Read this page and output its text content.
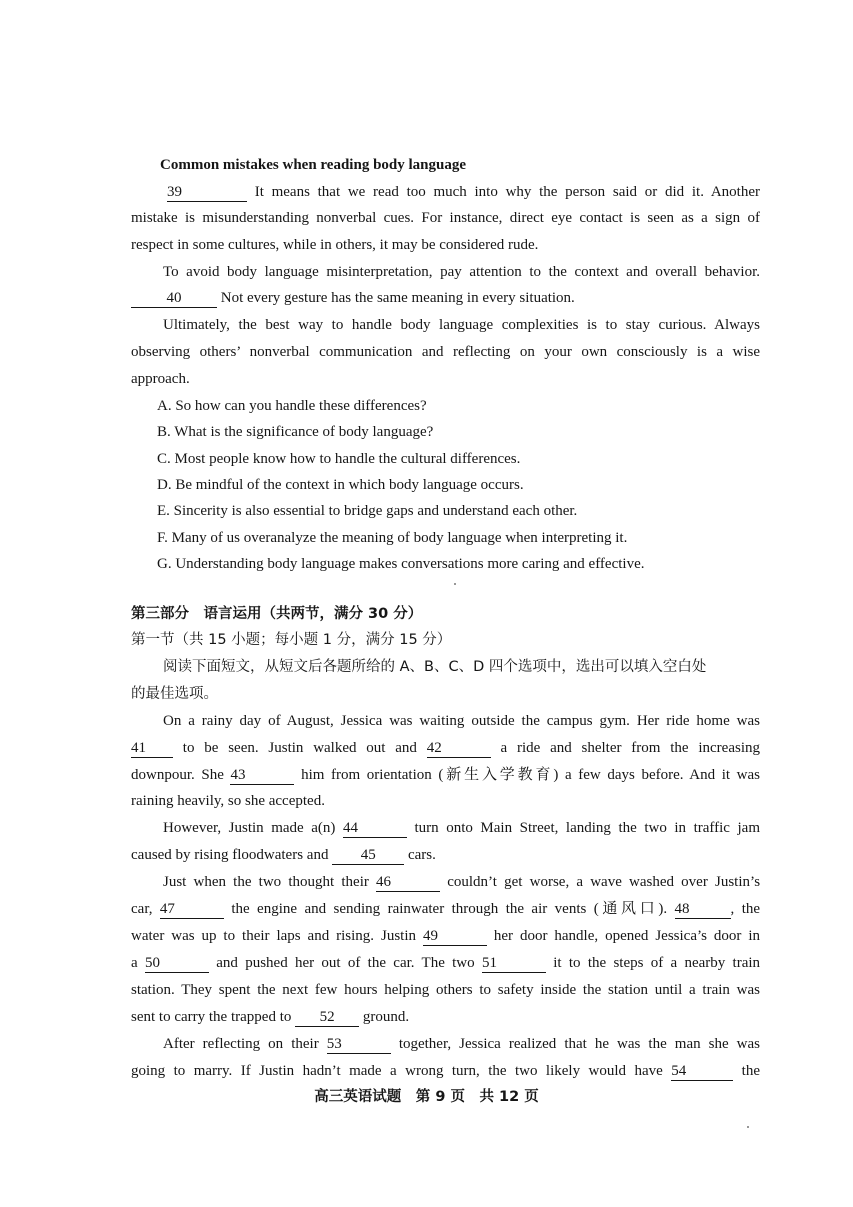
Common mistakes when reading body language
39	It means that we read too much into why the person said or did it. Another
mistake is misunderstanding nonverbal cues. For instance, direct eye contact is seen as a sign of
respect in some cultures, while in others, it may be considered rude.
To avoid body language misinterpretation, pay attention to the context and overall behavior.
40	Not every gesture has the same meaning in every situation.
Ultimately, the best way to handle body language complexities is to stay curious. Always
observing others’ nonverbal communication and reflecting on your own consciously is a wise
approach.
A. So how can you handle these differences?
B. What is the significance of body language?
C. Most people know how to handle the cultural differences.
D. Be mindful of the context in which body language occurs.
E. Sincerity is also essential to bridge gaps and understand each other.
F. Many of us overanalyze the meaning of body language when interpreting it.
G. Understanding body language makes conversations more caring and effective.
第三部分　语言运用（共两节，满分 30 分）
第一节（共 15 小题；每小题 1 分，满分 15 分）
阅读下面短文，从短文后各题所给的 A、B、C、D 四个选项中，选出可以填入空白处
的最佳选项。
On a rainy day of August, Jessica was waiting outside the campus gym. Her ride home was
41 to be seen. Justin walked out and 42	a ride and shelter from the increasing
downpour. She 43	him from orientation (新生入学教育) a few days before. And it was
raining heavily, so she accepted.
However, Justin made a(n) 44	turn onto Main Street, landing the two in traffic jam
caused by rising floodwaters and 45 cars.
Just when the two thought their 46	couldn’t get worse, a wave washed over Justin’s
car, 47	the engine and sending rainwater through the air vents (通风口). 48	, the
water was up to their laps and rising. Justin 49	her door handle, opened Jessica’s door in
a 50	and pushed her out of the car. The two 51	it to the steps of a nearby train
station. They spent the next few hours helping others to safety inside the station until a train was
sent to carry the trapped to 52 ground.
After reflecting on their 53	together, Jessica realized that he was the man she was
going to marry. If Justin hadn’t made a wrong turn, the two likely would have 54	the
高三英语试题　第 9 页　共 12 页
